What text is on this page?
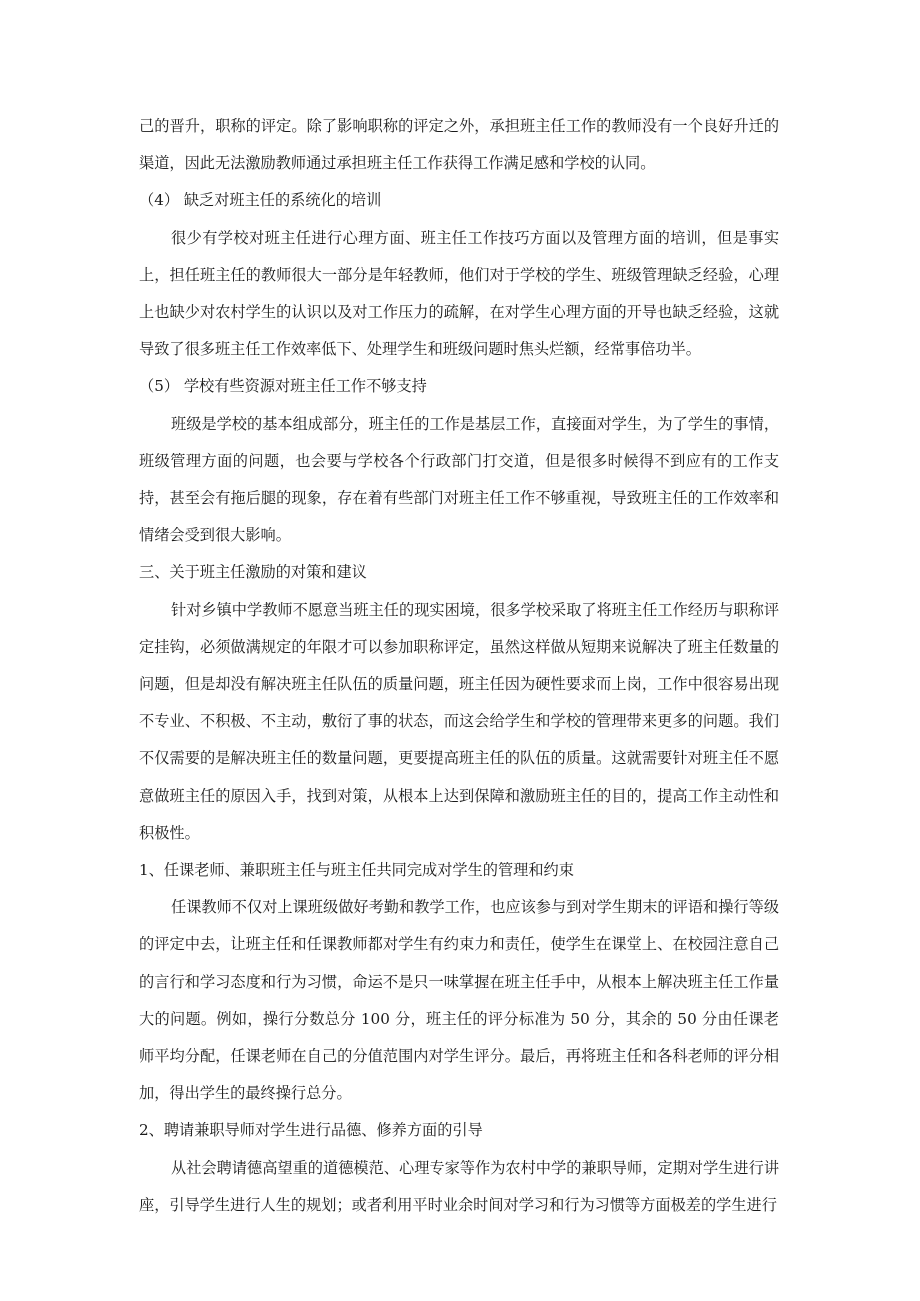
己的晋升，职称的评定。除了影响职称的评定之外，承担班主任工作的教师没有一个良好升迁的渠道，因此无法激励教师通过承担班主任工作获得工作满足感和学校的认同。

（4） 缺乏对班主任的系统化的培训

很少有学校对班主任进行心理方面、班主任工作技巧方面以及管理方面的培训，但是事实上，担任班主任的教师很大一部分是年轻教师，他们对于学校的学生、班级管理缺乏经验，心理上也缺少对农村学生的认识以及对工作压力的疏解，在对学生心理方面的开导也缺乏经验，这就导致了很多班主任工作效率低下、处理学生和班级问题时焦头烂额，经常事倍功半。

（5） 学校有些资源对班主任工作不够支持

班级是学校的基本组成部分，班主任的工作是基层工作，直接面对学生，为了学生的事情，班级管理方面的问题，也会要与学校各个行政部门打交道，但是很多时候得不到应有的工作支持，甚至会有拖后腿的现象，存在着有些部门对班主任工作不够重视，导致班主任的工作效率和情绪会受到很大影响。

三、关于班主任激励的对策和建议

针对乡镇中学教师不愿意当班主任的现实困境，很多学校采取了将班主任工作经历与职称评定挂钩，必须做满规定的年限才可以参加职称评定，虽然这样做从短期来说解决了班主任数量的问题，但是却没有解决班主任队伍的质量问题，班主任因为硬性要求而上岗，工作中很容易出现不专业、不积极、不主动，敷衍了事的状态，而这会给学生和学校的管理带来更多的问题。我们不仅需要的是解决班主任的数量问题，更要提高班主任的队伍的质量。这就需要针对班主任不愿意做班主任的原因入手，找到对策，从根本上达到保障和激励班主任的目的，提高工作主动性和积极性。

1、任课老师、兼职班主任与班主任共同完成对学生的管理和约束

任课教师不仅对上课班级做好考勤和教学工作，也应该参与到对学生期末的评语和操行等级的评定中去，让班主任和任课教师都对学生有约束力和责任，使学生在课堂上、在校园注意自己的言行和学习态度和行为习惯，命运不是只一味掌握在班主任手中，从根本上解决班主任工作量大的问题。例如，操行分数总分 100 分，班主任的评分标准为 50 分，其余的 50 分由任课老师平均分配，任课老师在自己的分值范围内对学生评分。最后，再将班主任和各科老师的评分相加，得出学生的最终操行总分。

2、聘请兼职导师对学生进行品德、修养方面的引导

从社会聘请德高望重的道德模范、心理专家等作为农村中学的兼职导师，定期对学生进行讲座，引导学生进行人生的规划；或者利用平时业余时间对学习和行为习惯等方面极差的学生进行
